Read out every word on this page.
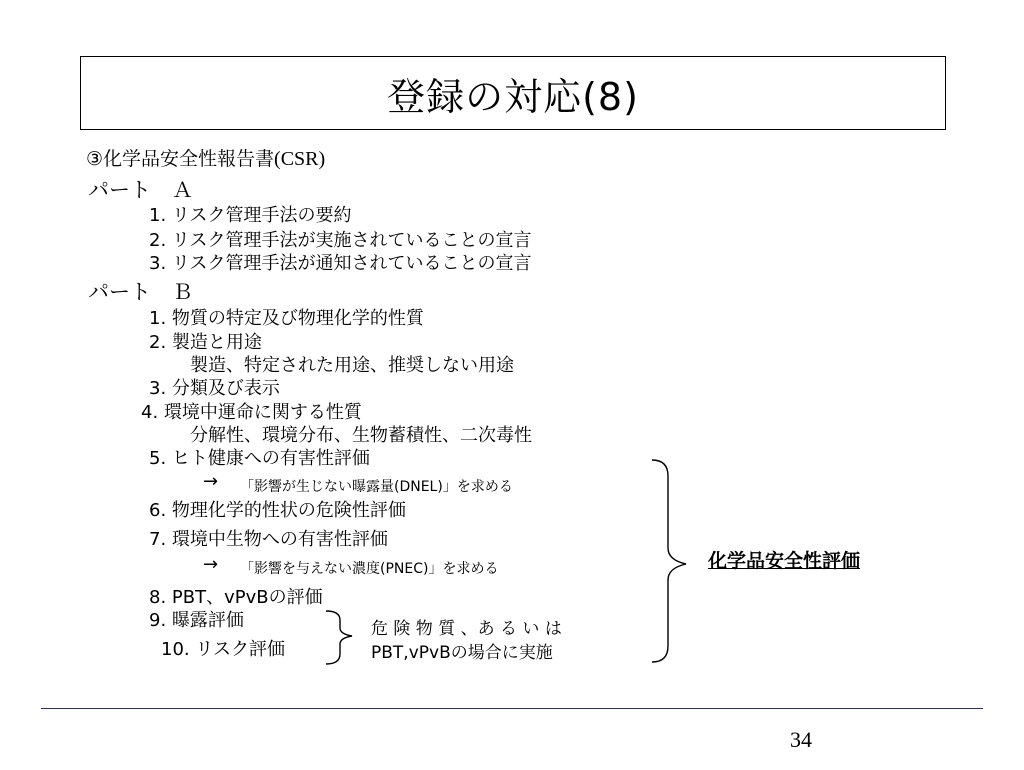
登録の対応(8)
③化学品安全性報告書(CSR)
パート　Ａ
1. リスク管理手法の要約
2. リスク管理手法が実施されていることの宣言
3. リスク管理手法が通知されていることの宣言
パート　Ｂ
1. 物質の特定及び物理化学的性質
2. 製造と用途
製造、特定された用途、推奨しない用途
3. 分類及び表示
4. 環境中運命に関する性質
分解性、環境分布、生物蓄積性、二次毒性
5. ヒト健康への有害性評価
→ 「影響が生じない曝露量(DNEL)」を求める
6. 物理化学的性状の危険性評価
7. 環境中生物への有害性評価
→ 「影響を与えない濃度(PNEC)」を求める
8. PBT、vPvBの評価
9. 曝露評価
10. リスク評価
危 険 物 質 、あ る い は
PBT,vPvBの場合に実施
化学品安全性評価
34
